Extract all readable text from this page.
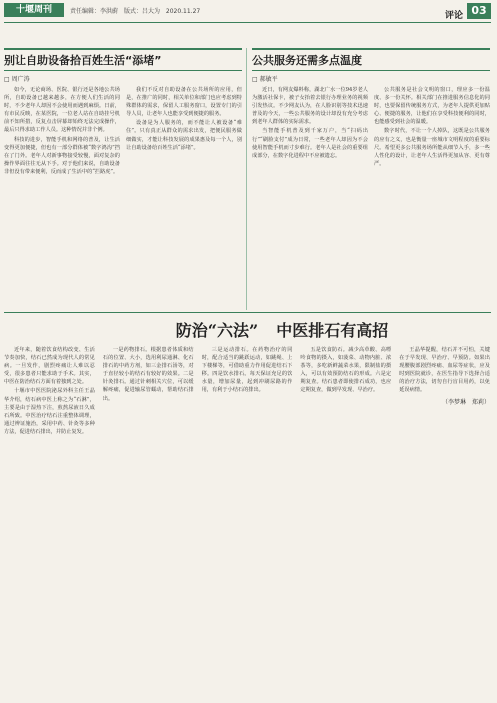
十堰周刊	责任编辑：李洪蔚 版式：吕大为 2020.11.27	评论 03
别让自助设备拾百姓生活“添堵”
□ 周广涛

如今，无论商场、医院、银行还是各地公共场所，自助设备已越来越多，在方便人们生活的同时，不少老年人却因不会使用而遇到麻烦。日前，有市民反映，在某医院，一位老人站在自助挂号机前不知所措，反复点击屏幕却始终无法完成操作，最后只得求助工作人员。这种情况并非个例。

科技的进步，智能手机和网络的普及，让生活变得更加便捷，但也有一部分群体被“数字鸿沟”挡在了门外。老年人对新事物接受较慢，面对复杂的操作界面往往无从下手。对于他们来说，自助设备非但没有带来便利，反而成了生活中的“拦路虎”。

我们不反对自助设备在公共场所的应用，但是，在推广的同时，相关单位和部门也应考虑到特殊群体的需求，保留人工服务窗口，设置专门的引导人员，让老年人也能享受到便捷的服务。

设备是为人服务的，而不能让人被设备“难住”。只有真正从群众的需求出发，把便民服务做细做实，才能让科技发展的成果惠及每一个人，别让自助设备给百姓生活“添堵”。

公共服务还需多点温度
□ 郝敏平

近日，有网友爆料称，湖北广水一位94岁老人为激活社保卡，被子女抬着去银行办理业务的视频引发热议。不少网友认为，在人脸识别等技术迅速普及的今天，一些公共服务的设计却没有充分考虑到老年人群体的实际需求。

当智能手机普及到千家万户，当“扫码出行”“刷脸支付”成为日常，一些老年人却因为不会使用智能手机而寸步难行。老年人是社会的重要组成部分，在数字化进程中不应被遗忘。

公共服务是社会文明的窗口，理应多一份温度、多一份关怀。相关部门在推进服务信息化的同时，也要保留传统服务方式，为老年人提供更加贴心、便捷的服务，让他们在享受科技便利的同时，也能感受到社会的温暖。

数字时代，不让一个人掉队，这既是公共服务的应有之义，也是衡量一座城市文明程度的重要标尺。希望更多公共服务场所能从细节入手，多一些人性化的设计，让老年人生活得更加从容、更有尊严。

防治“六法” 中医排石有高招

近年来，随着饮食结构改变、生活节奏加快，结石已然成为现代人的常见病。一旦发作，剧烈疼痛让人难以忍受，很多患者只能求助于手术。其实，中医在防治结石方面有着独到之处。

十堰市中医医院泌尿外科主任王晶华介绍，结石病中医上称之为“石淋”，主要是由于湿热下注，煎熬尿液日久成石所致。中医治疗结石注重整体调理，通过辨证施治，采用中药、针灸等多种方法，促进结石排出，并防止复发。

一是药物排石。根据患者体质和结石的位置、大小，选用利尿通淋、化石排石的中药方剂，如三金排石汤等，对于直径较小的结石有较好的效果。二是针灸排石。通过针刺相关穴位，可以缓解疼痛，促进输尿管蠕动，帮助结石排出。

三是运动排石。在药物治疗的同时，配合适当的跳跃运动，如跳绳、上下楼梯等，可借助重力作用促进结石下移。四是饮水排石。每天保证充足的饮水量，增加尿量，起到冲刷尿路的作用，有利于小结石的排出。

五是饮食防石。减少高草酸、高嘌呤食物的摄入，如菠菜、动物内脏、浓茶等，多吃新鲜蔬菜水果，限制盐的摄入，可以有效预防结石的形成。六是定期复查。结石患者即使排石成功，也应定期复查，做到早发现、早治疗。

王晶华提醒，结石并不可怕，关键在于早发现、早治疗、早预防。如果出现腰腹部剧烈疼痛、血尿等症状，应及时到医院就诊，在医生指导下选择合适的治疗方法，切勿自行盲目用药，以免延误病情。

（李梦琳　郑莉）
